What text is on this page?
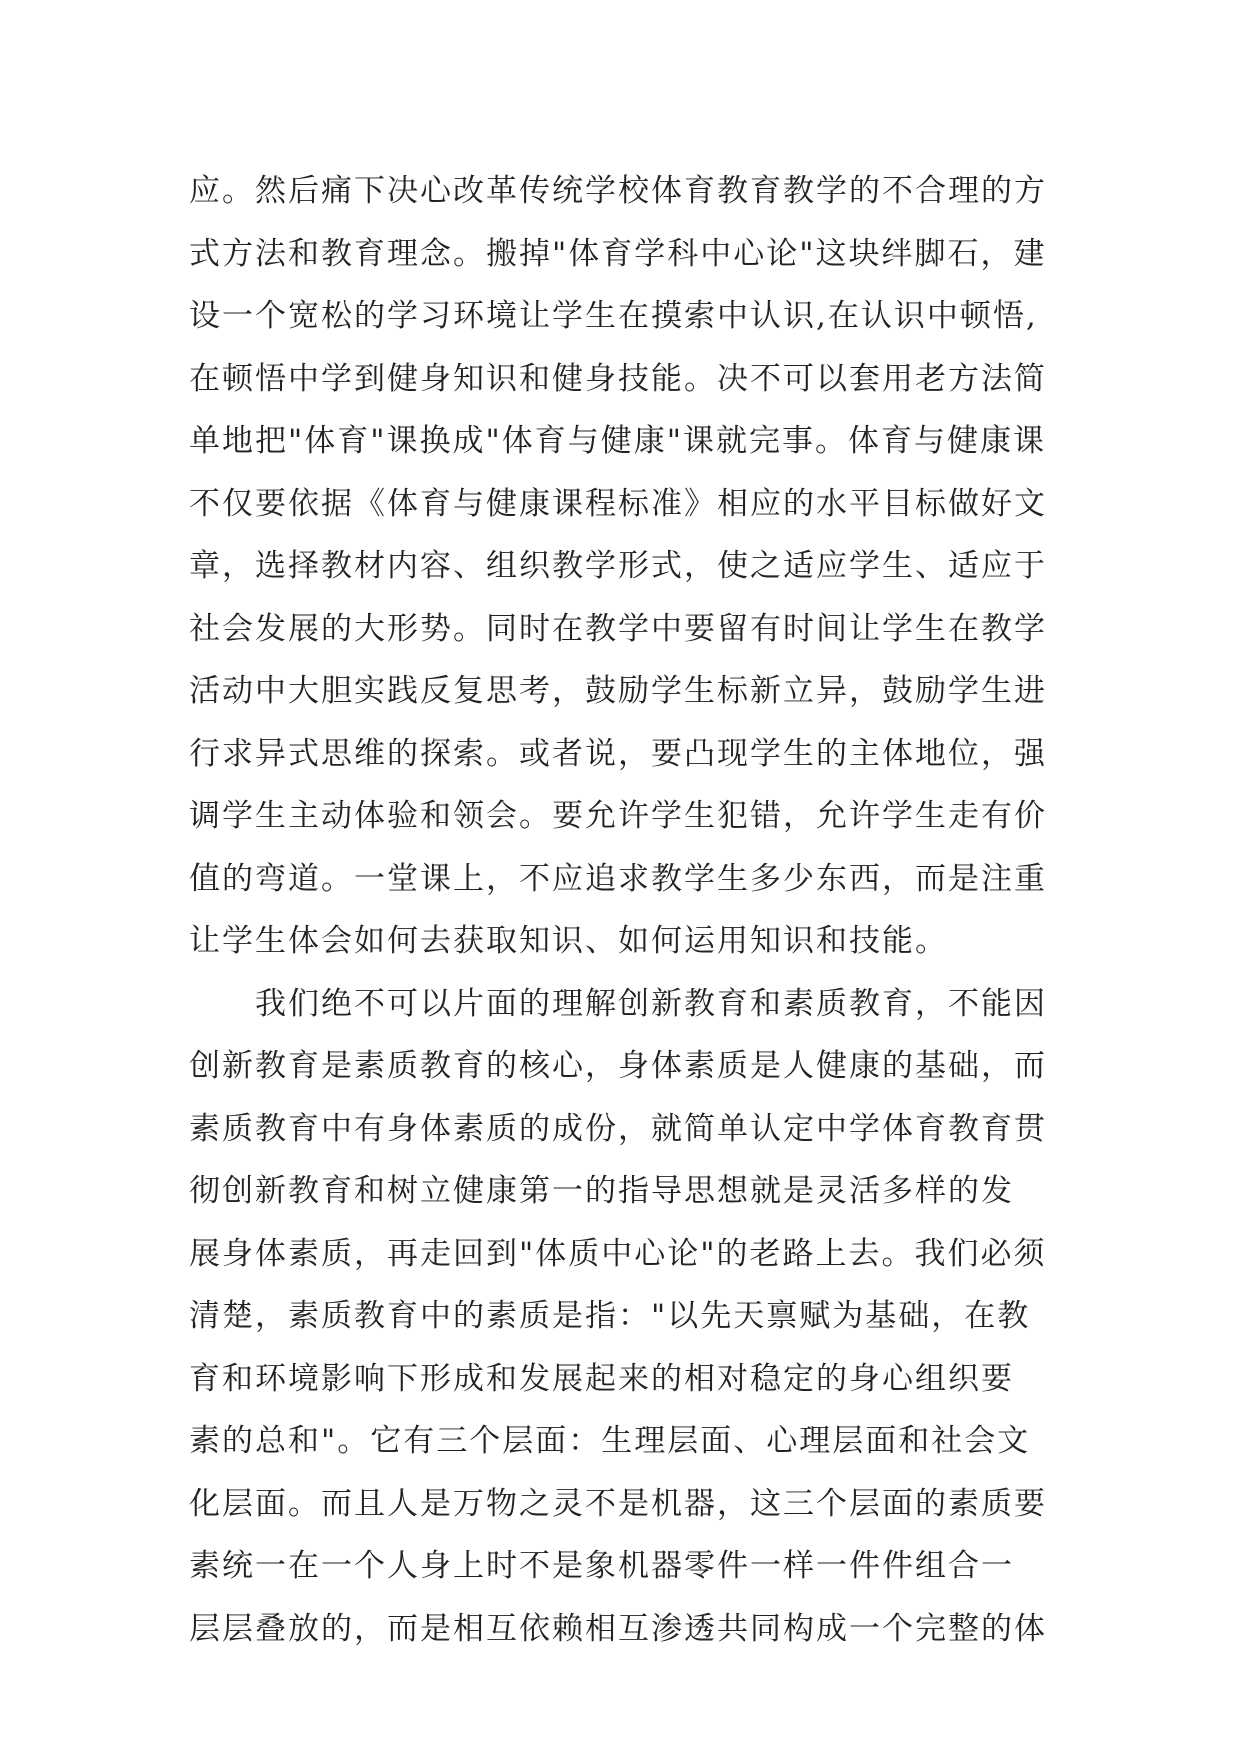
应。然后痛下决心改革传统学校体育教育教学的不合理的方
式方法和教育理念。搬掉"体育学科中心论"这块绊脚石，建
设一个宽松的学习环境让学生在摸索中认识,在认识中顿悟,
在顿悟中学到健身知识和健身技能。决不可以套用老方法简
单地把"体育"课换成"体育与健康"课就完事。体育与健康课
不仅要依据《体育与健康课程标准》相应的水平目标做好文
章，选择教材内容、组织教学形式，使之适应学生、适应于
社会发展的大形势。同时在教学中要留有时间让学生在教学
活动中大胆实践反复思考，鼓励学生标新立异，鼓励学生进
行求异式思维的探索。或者说，要凸现学生的主体地位，强
调学生主动体验和领会。要允许学生犯错，允许学生走有价
值的弯道。一堂课上，不应追求教学生多少东西，而是注重
让学生体会如何去获取知识、如何运用知识和技能。
我们绝不可以片面的理解创新教育和素质教育，不能因
创新教育是素质教育的核心，身体素质是人健康的基础，而
素质教育中有身体素质的成份，就简单认定中学体育教育贯
彻创新教育和树立健康第一的指导思想就是灵活多样的发
展身体素质，再走回到"体质中心论"的老路上去。我们必须
清楚，素质教育中的素质是指："以先天禀赋为基础，在教
育和环境影响下形成和发展起来的相对稳定的身心组织要
素的总和"。它有三个层面：生理层面、心理层面和社会文
化层面。而且人是万物之灵不是机器，这三个层面的素质要
素统一在一个人身上时不是象机器零件一样一件件组合一
层层叠放的，而是相互依赖相互渗透共同构成一个完整的体
